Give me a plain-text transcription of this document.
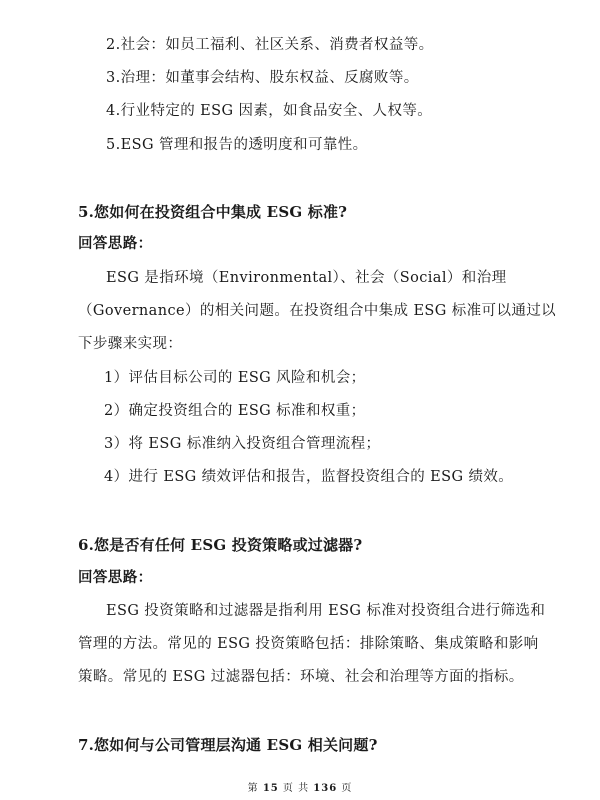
2.社会：如员工福利、社区关系、消费者权益等。
3.治理：如董事会结构、股东权益、反腐败等。
4.行业特定的 ESG 因素，如食品安全、人权等。
5.ESG 管理和报告的透明度和可靠性。
5.您如何在投资组合中集成 ESG 标准?
回答思路：
ESG 是指环境（Environmental）、社会（Social）和治理
（Governance）的相关问题。在投资组合中集成 ESG 标准可以通过以
下步骤来实现：
1）评估目标公司的 ESG 风险和机会；
2）确定投资组合的 ESG 标准和权重；
3）将 ESG 标准纳入投资组合管理流程；
4）进行 ESG 绩效评估和报告，监督投资组合的 ESG 绩效。
6.您是否有任何 ESG 投资策略或过滤器?
回答思路：
ESG 投资策略和过滤器是指利用 ESG 标准对投资组合进行筛选和
管理的方法。常见的 ESG 投资策略包括：排除策略、集成策略和影响
策略。常见的 ESG 过滤器包括：环境、社会和治理等方面的指标。
7.您如何与公司管理层沟通 ESG 相关问题?
第 15 页 共 136 页
